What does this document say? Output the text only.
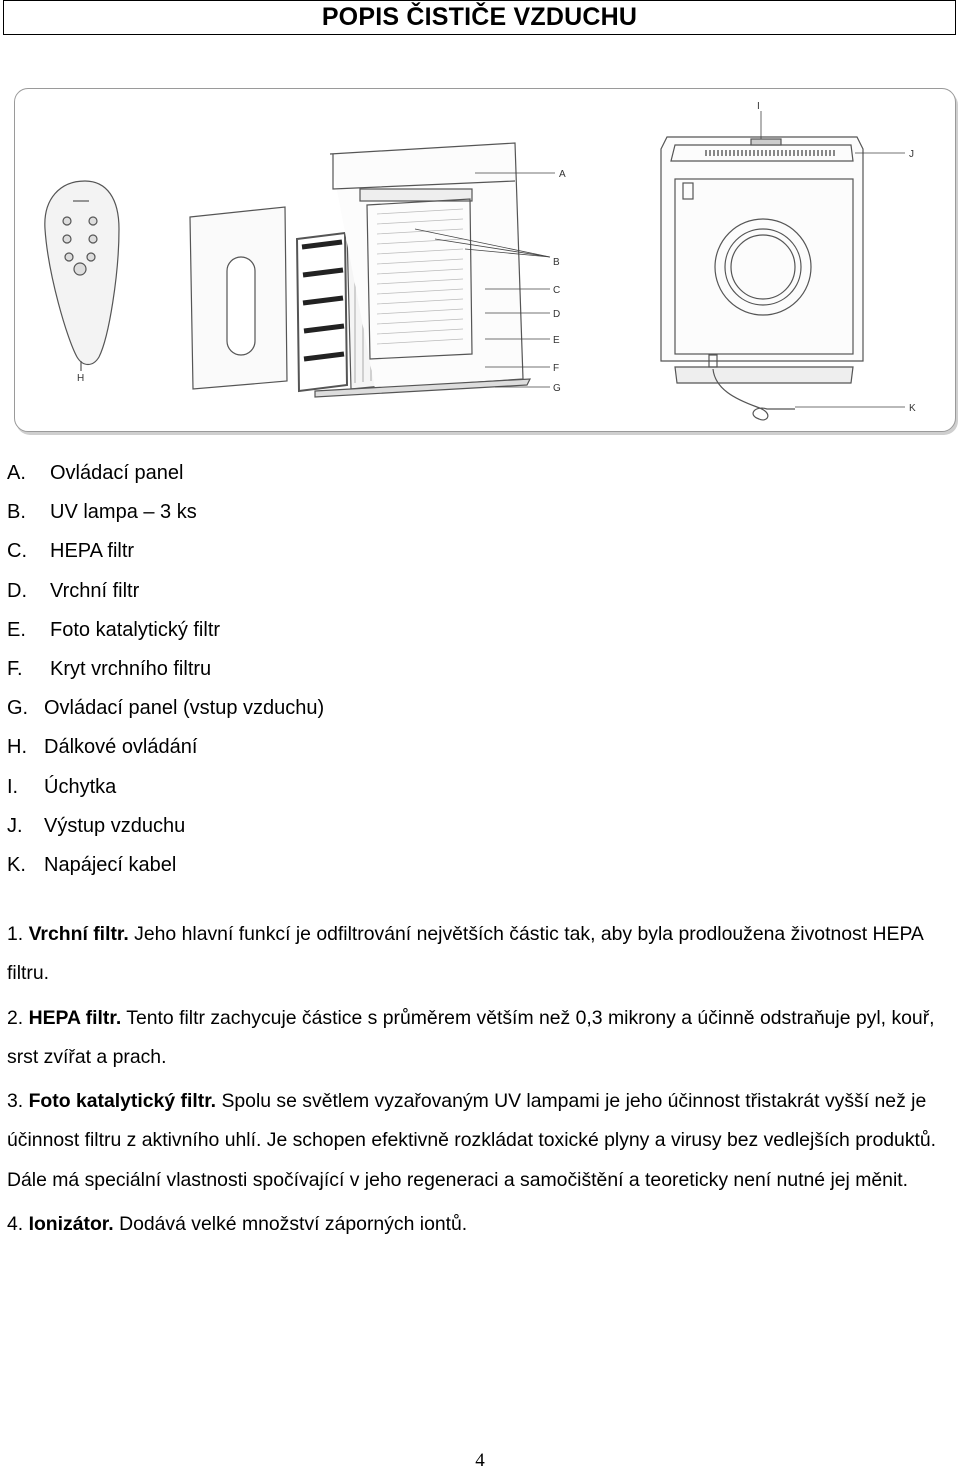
POPIS ČISTIČE VZDUCHU
A
B
C
D
E
F
G
H
I
J
K
A. Ovládací panel
B. UV lampa – 3 ks
C. HEPA filtr
D. Vrchní filtr
E. Foto katalytický filtr
F. Kryt vrchního filtru
G. Ovládací panel (vstup vzduchu)
H. Dálkové ovládání
I. Úchytka
J. Výstup vzduchu
K. Napájecí kabel

1. Vrchní filtr. Jeho hlavní funkcí je odfiltrování největších částic tak, aby byla prodloužena životnost HEPA filtru.

2. HEPA filtr. Tento filtr zachycuje částice s průměrem větším než 0,3 mikrony a účinně odstraňuje pyl, kouř, srst zvířat a prach.

3. Foto katalytický filtr. Spolu se světlem vyzařovaným UV lampami je jeho účinnost třistakrát vyšší než je účinnost filtru z aktivního uhlí. Je schopen efektivně rozkládat toxické plyny a virusy bez vedlejších produktů. Dále má speciální vlastnosti spočívající v jeho regeneraci a samočištění a teoreticky není nutné jej měnit.

4. Ionizátor. Dodává velké množství záporných iontů.

4
